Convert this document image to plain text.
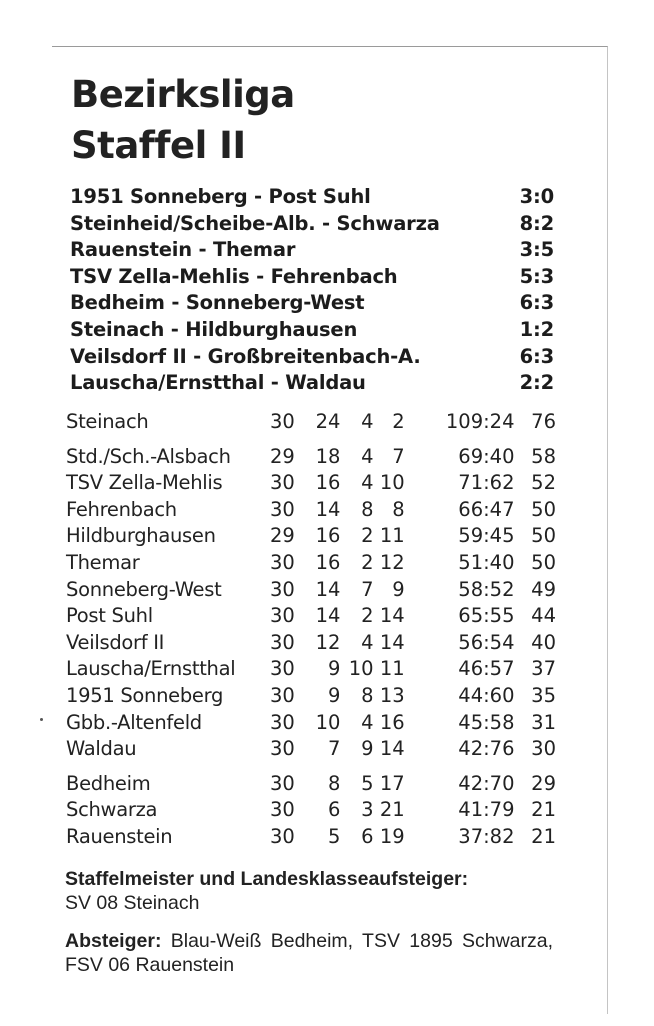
Bezirksliga
Staffel II
1951 Sonneberg - Post Suhl	3:0
Steinheid/Scheibe-Alb. - Schwarza	8:2
Rauenstein - Themar	3:5
TSV Zella-Mehlis - Fehrenbach	5:3
Bedheim - Sonneberg-West	6:3
Steinach - Hildburghausen	1:2
Veilsdorf II - Großbreitenbach-A.	6:3
Lauscha/Ernstthal - Waldau	2:2
Steinach	30	24	4	2	109:24	76
Std./Sch.-Alsbach	29	18	4	7	69:40	58
TSV Zella-Mehlis	30	16	4	10	71:62	52
Fehrenbach	30	14	8	8	66:47	50
Hildburghausen	29	16	2	11	59:45	50
Themar	30	16	2	12	51:40	50
Sonneberg-West	30	14	7	9	58:52	49
Post Suhl	30	14	2	14	65:55	44
Veilsdorf II	30	12	4	14	56:54	40
Lauscha/Ernstthal	30	9	10	11	46:57	37
1951 Sonneberg	30	9	8	13	44:60	35
Gbb.-Altenfeld	30	10	4	16	45:58	31
Waldau	30	7	9	14	42:76	30
Bedheim	30	8	5	17	42:70	29
Schwarza	30	6	3	21	41:79	21
Rauenstein	30	5	6	19	37:82	21

Staffelmeister und Landesklasseaufsteiger:
SV 08 Steinach

Absteiger: Blau-Weiß Bedheim, TSV 1895 Schwarza, FSV 06 Rauenstein
